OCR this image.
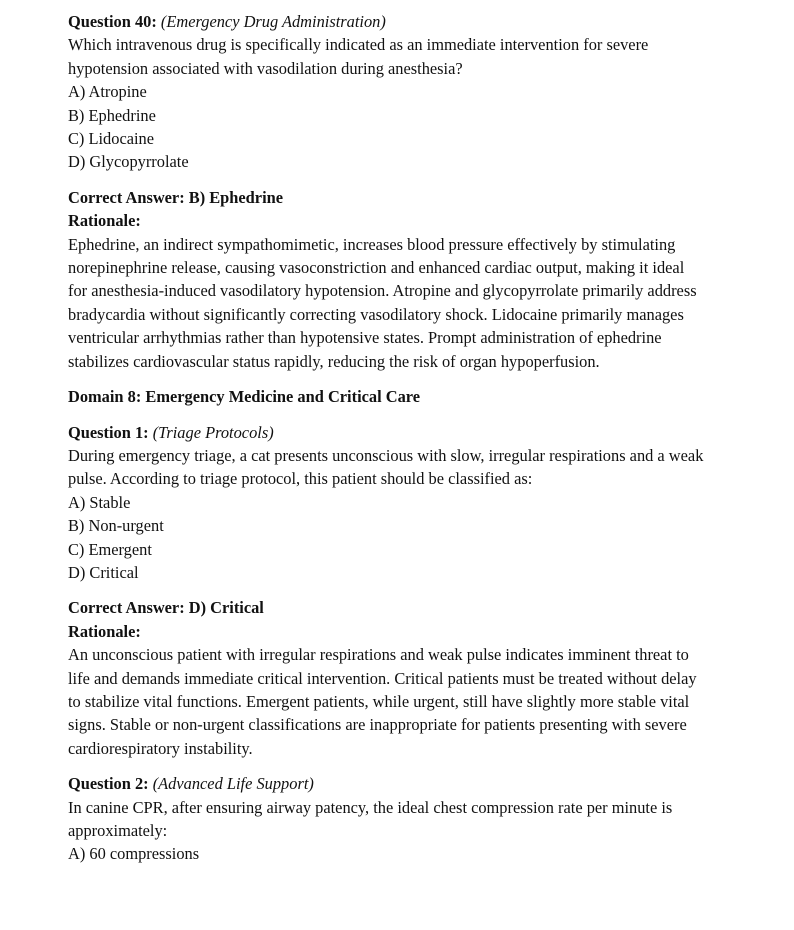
Question 40: (Emergency Drug Administration)

Which intravenous drug is specifically indicated as an immediate intervention for severe

hypotension associated with vasodilation during anesthesia?

A) Atropine

B) Ephedrine

C) Lidocaine

D) Glycopyrrolate

Correct Answer: B) Ephedrine

Rationale:

Ephedrine, an indirect sympathomimetic, increases blood pressure effectively by stimulating

norepinephrine release, causing vasoconstriction and enhanced cardiac output, making it ideal

for anesthesia-induced vasodilatory hypotension. Atropine and glycopyrrolate primarily address

bradycardia without significantly correcting vasodilatory shock. Lidocaine primarily manages

ventricular arrhythmias rather than hypotensive states. Prompt administration of ephedrine

stabilizes cardiovascular status rapidly, reducing the risk of organ hypoperfusion.

Domain 8: Emergency Medicine and Critical Care

Question 1: (Triage Protocols)

During emergency triage, a cat presents unconscious with slow, irregular respirations and a weak

pulse. According to triage protocol, this patient should be classified as:

A) Stable

B) Non-urgent

C) Emergent

D) Critical

Correct Answer: D) Critical

Rationale:

An unconscious patient with irregular respirations and weak pulse indicates imminent threat to

life and demands immediate critical intervention. Critical patients must be treated without delay

to stabilize vital functions. Emergent patients, while urgent, still have slightly more stable vital

signs. Stable or non-urgent classifications are inappropriate for patients presenting with severe

cardiorespiratory instability.

Question 2: (Advanced Life Support)

In canine CPR, after ensuring airway patency, the ideal chest compression rate per minute is

approximately:

A) 60 compressions
